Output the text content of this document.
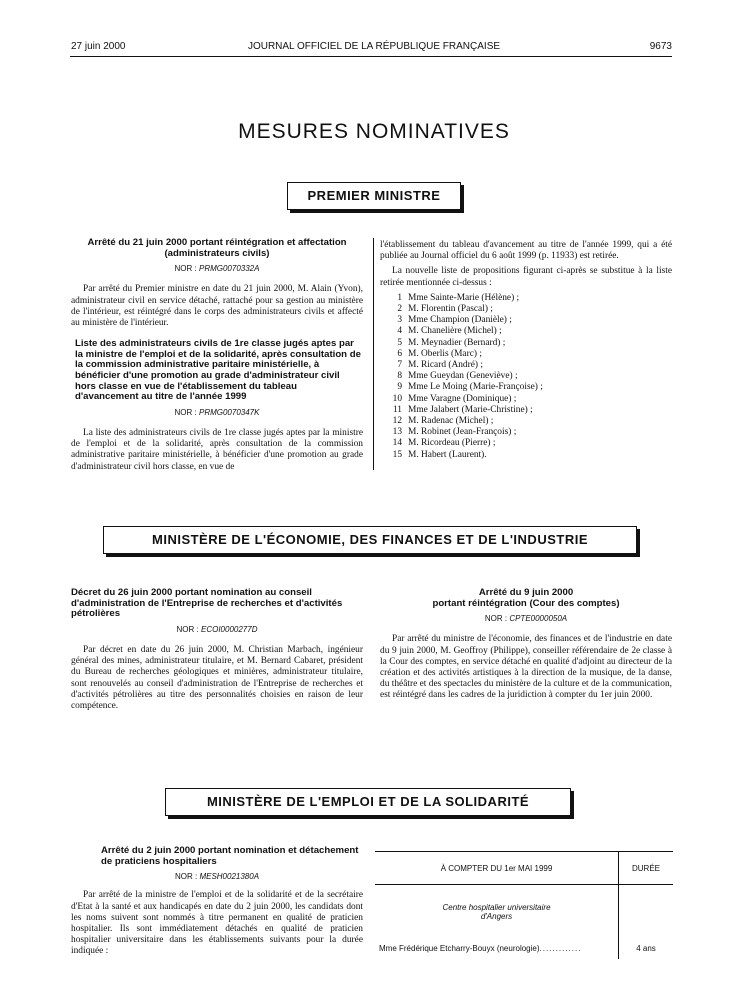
27 juin 2000	JOURNAL OFFICIEL DE LA RÉPUBLIQUE FRANÇAISE	9673
MESURES NOMINATIVES
PREMIER MINISTRE
Arrêté du 21 juin 2000 portant réintégration et affectation (administrateurs civils)
NOR : PRMG0070332A

Par arrêté du Premier ministre en date du 21 juin 2000, M. Alain (Yvon), administrateur civil en service détaché, rattaché pour sa gestion au ministère de l'intérieur, est réintégré dans le corps des administrateurs civils et affecté au ministère de l'intérieur.

Liste des administrateurs civils de 1re classe jugés aptes par la ministre de l'emploi et de la solidarité, après consultation de la commission administrative paritaire ministérielle, à bénéficier d'une promotion au grade d'administrateur civil hors classe en vue de l'établissement du tableau d'avancement au titre de l'année 1999
NOR : PRMG0070347K

La liste des administrateurs civils de 1re classe jugés aptes par la ministre de l'emploi et de la solidarité, après consultation de la commission administrative paritaire ministérielle, à bénéficier d'une promotion au grade d'administrateur civil hors classe, en vue de

l'établissement du tableau d'avancement au titre de l'année 1999, qui a été publiée au Journal officiel du 6 août 1999 (p. 11933) est retirée.

La nouvelle liste de propositions figurant ci-après se substitue à la liste retirée mentionnée ci-dessus :

1 Mme Sainte-Marie (Hélène) ;
2 M. Florentin (Pascal) ;
3 Mme Champion (Danièle) ;
4 M. Chanelière (Michel) ;
5 M. Meynadier (Bernard) ;
6 M. Oberlis (Marc) ;
7 M. Ricard (André) ;
8 Mme Gueydan (Geneviève) ;
9 Mme Le Moing (Marie-Françoise) ;
10 Mme Varagne (Dominique) ;
11 Mme Jalabert (Marie-Christine) ;
12 M. Radenac (Michel) ;
13 M. Robinet (Jean-François) ;
14 M. Ricordeau (Pierre) ;
15 M. Habert (Laurent).
MINISTÈRE DE L'ÉCONOMIE, DES FINANCES ET DE L'INDUSTRIE
Décret du 26 juin 2000 portant nomination au conseil d'administration de l'Entreprise de recherches et d'activités pétrolières
NOR : ECOI0000277D

Par décret en date du 26 juin 2000, M. Christian Marbach, ingénieur général des mines, administrateur titulaire, et M. Bernard Cabaret, président du Bureau de recherches géologiques et minières, administrateur titulaire, sont renouvelés au conseil d'administration de l'Entreprise de recherches et d'activités pétrolières au titre des personnalités choisies en raison de leur compétence.

Arrêté du 9 juin 2000
portant réintégration (Cour des comptes)
NOR : CPTE0000050A

Par arrêté du ministre de l'économie, des finances et de l'industrie en date du 9 juin 2000, M. Geoffroy (Philippe), conseiller référendaire de 2e classe à la Cour des comptes, en service détaché en qualité d'adjoint au directeur de la création et des activités artistiques à la direction de la musique, de la danse, du théâtre et des spectacles du ministère de la culture et de la communication, est réintégré dans les cadres de la juridiction à compter du 1er juin 2000.

MINISTÈRE DE L'EMPLOI ET DE LA SOLIDARITÉ
Arrêté du 2 juin 2000 portant nomination et détachement de praticiens hospitaliers
NOR : MESH0021380A

Par arrêté de la ministre de l'emploi et de la solidarité et de la secrétaire d'Etat à la santé et aux handicapés en date du 2 juin 2000, les candidats dont les noms suivent sont nommés à titre permanent en qualité de praticien hospitalier. Ils sont immédiatement détachés en qualité de praticien hospitalier universitaire dans les établissements suivants pour la durée indiquée :

À COMPTER DU 1er MAI 1999	DURÉE

Centre hospitalier universitaire
d'Angers	

Mme Frédérique Etcharry-Bouyx (neurologie).............	4 ans
